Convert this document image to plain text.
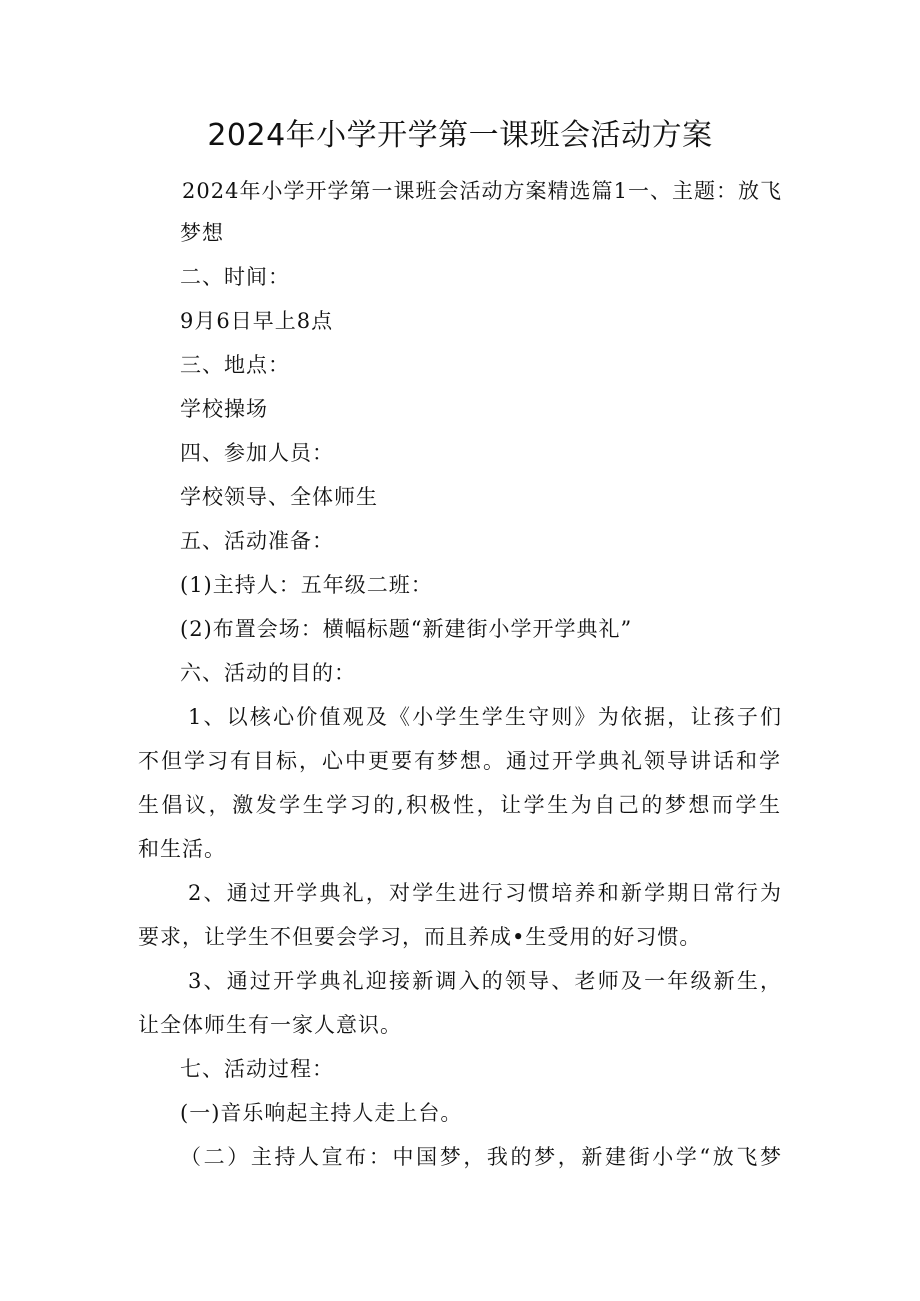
2024年小学开学第一课班会活动方案
2024年小学开学第一课班会活动方案精选篇1一、主题：放飞
梦想
二、时间：
9月6日早上8点
三、地点：
学校操场
四、参加人员：
学校领导、全体师生
五、活动准备：
(1)主持人：五年级二班：
(2)布置会场：横幅标题“新建街小学开学典礼”
六、活动的目的：
1、以核心价值观及《小学生学生守则》为依据，让孩子们
不但学习有目标，心中更要有梦想。通过开学典礼领导讲话和学
生倡议，激发学生学习的,积极性，让学生为自己的梦想而学生
和生活。
2、通过开学典礼，对学生进行习惯培养和新学期日常行为
要求，让学生不但要会学习，而且养成•生受用的好习惯。
3、通过开学典礼迎接新调入的领导、老师及一年级新生，
让全体师生有一家人意识。
七、活动过程：
(一)音乐响起主持人走上台。
（二）主持人宣布：中国梦，我的梦，新建街小学“放飞梦
